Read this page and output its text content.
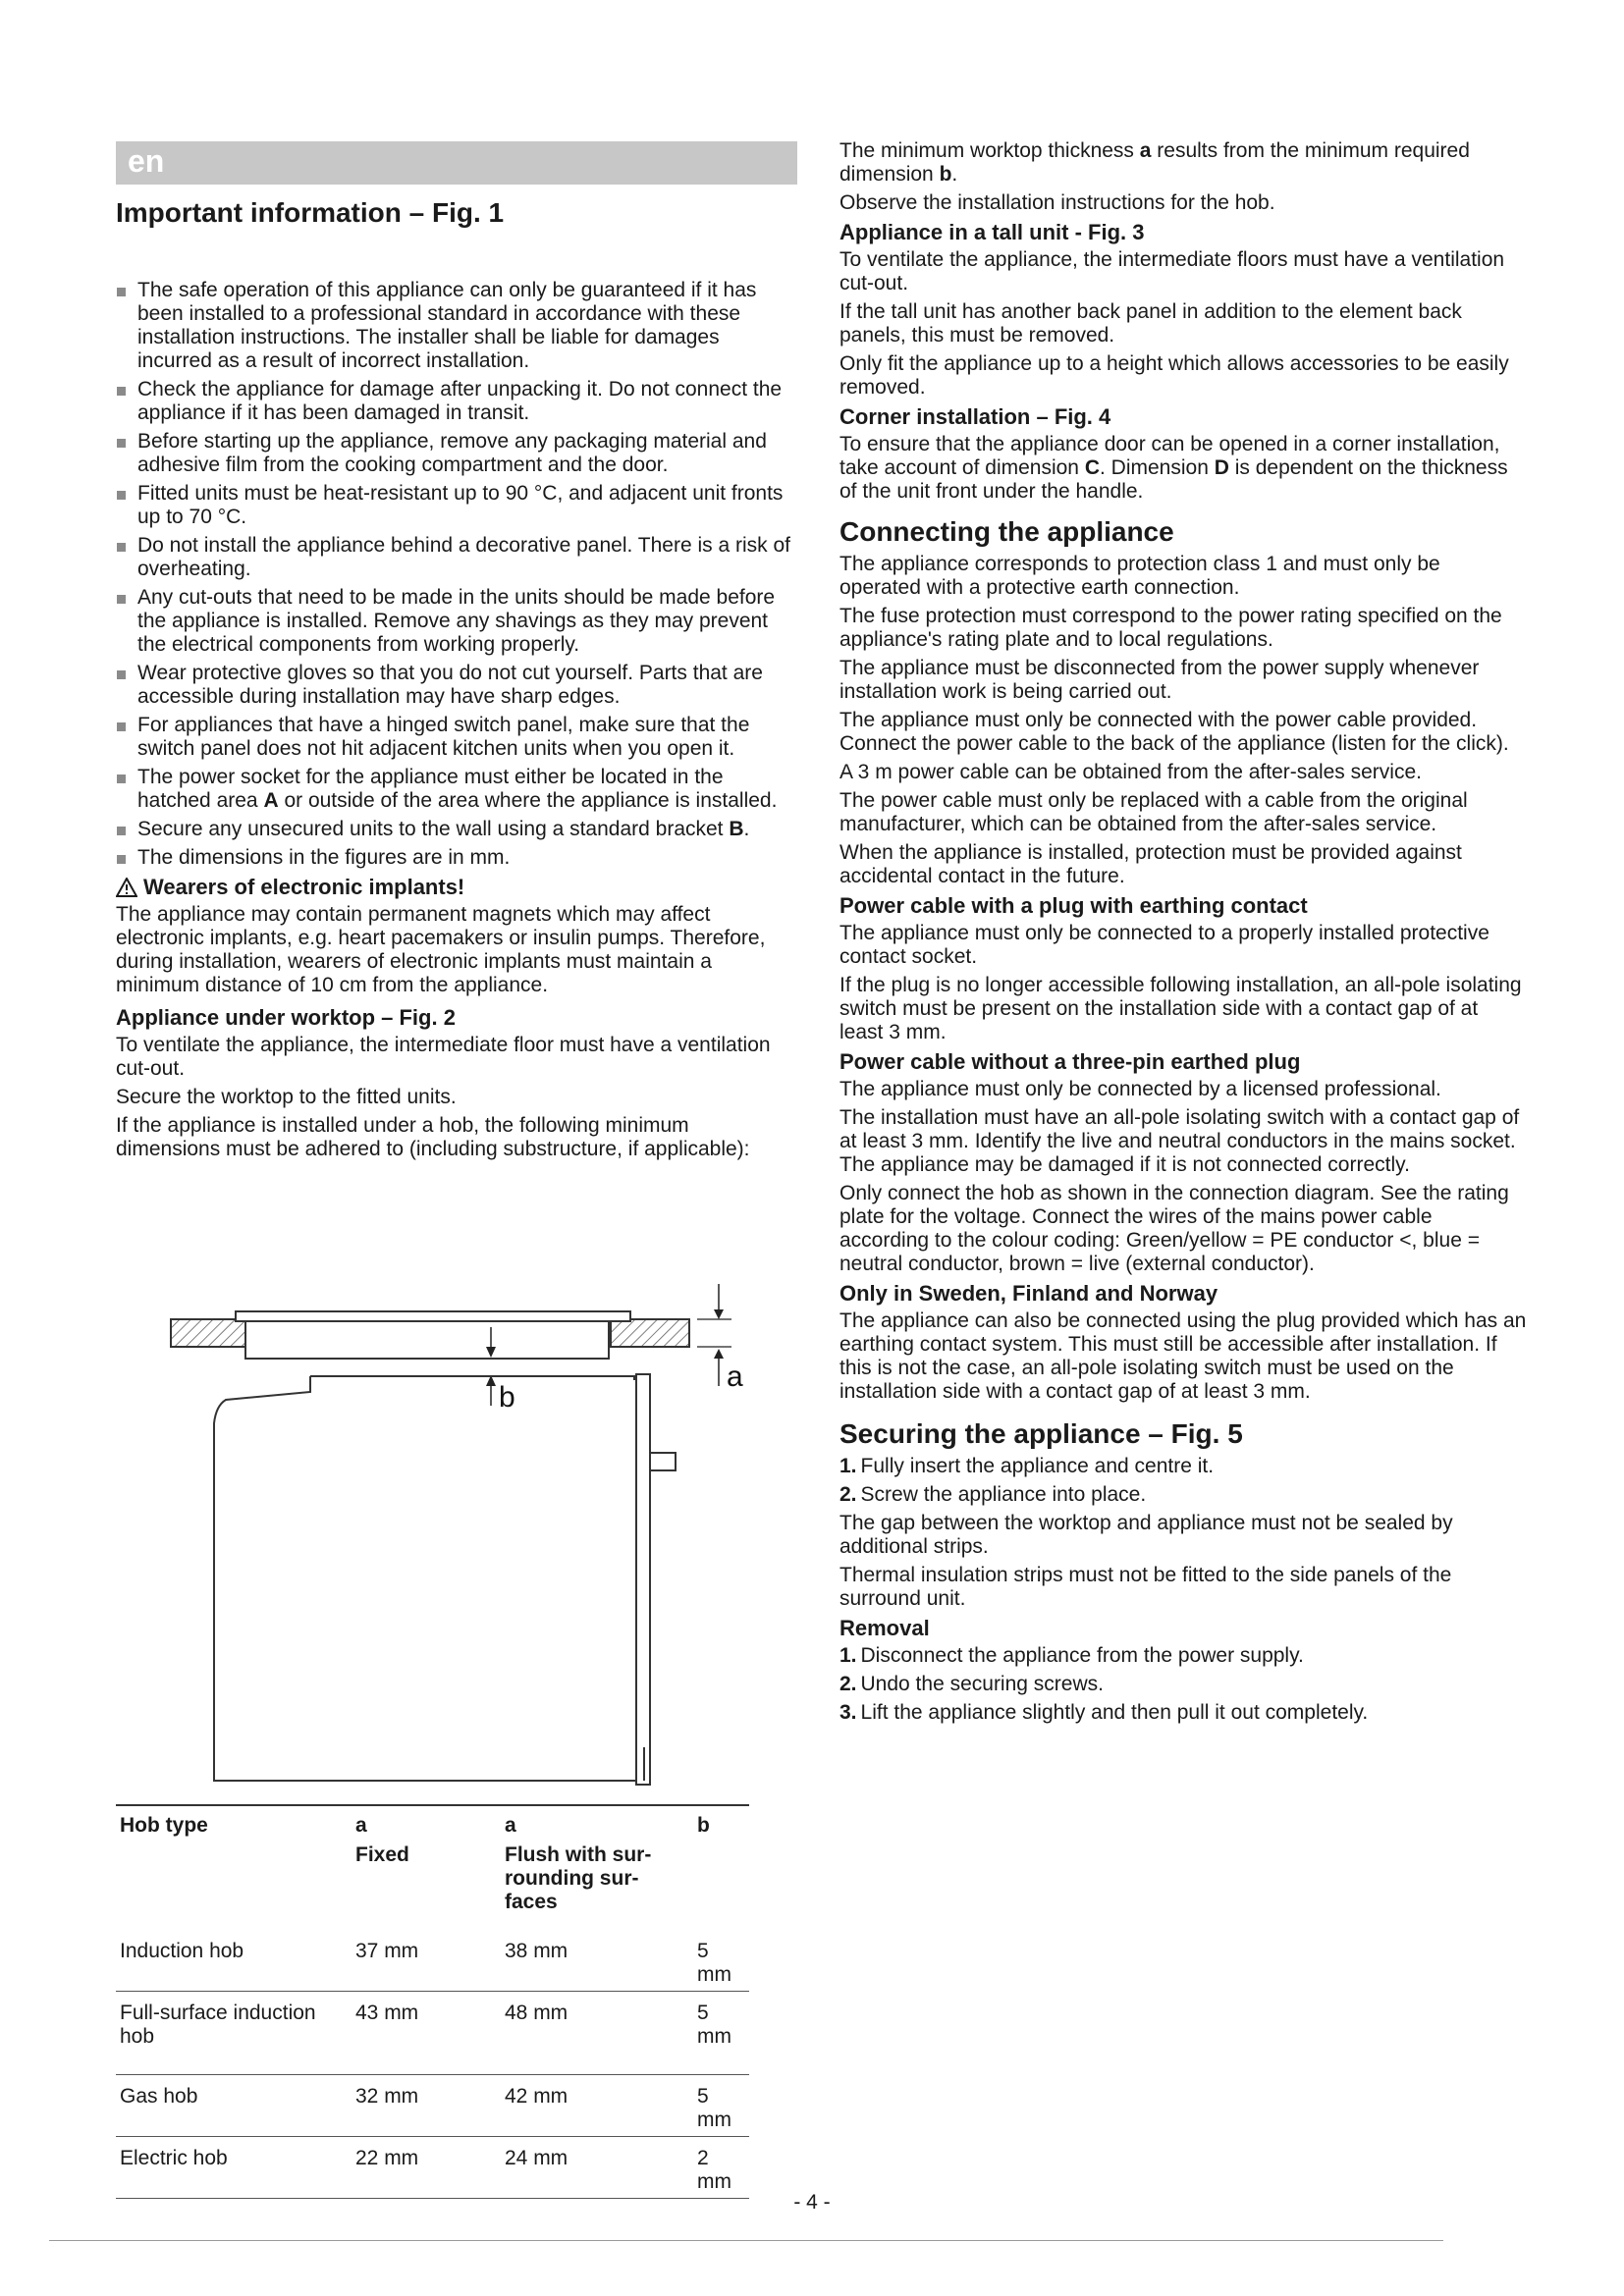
en
Important information – Fig. 1
The safe operation of this appliance can only be guaranteed if it has been installed to a professional standard in accordance with these installation instructions. The installer shall be liable for damages incurred as a result of incorrect installation.
Check the appliance for damage after unpacking it. Do not connect the appliance if it has been damaged in transit.
Before starting up the appliance, remove any packaging material and adhesive film from the cooking compartment and the door.
Fitted units must be heat-resistant up to 90 °C, and adjacent unit fronts up to 70 °C.
Do not install the appliance behind a decorative panel. There is a risk of overheating.
Any cut-outs that need to be made in the units should be made before the appliance is installed. Remove any shavings as they may prevent the electrical components from working properly.
Wear protective gloves so that you do not cut yourself. Parts that are accessible during installation may have sharp edges.
For appliances that have a hinged switch panel, make sure that the switch panel does not hit adjacent kitchen units when you open it.
The power socket for the appliance must either be located in the hatched area A or outside of the area where the appliance is installed.
Secure any unsecured units to the wall using a standard bracket B.
The dimensions in the figures are in mm.
Wearers of electronic implants!

The appliance may contain permanent magnets which may affect electronic implants, e.g. heart pacemakers or insulin pumps. Therefore, during installation, wearers of electronic implants must maintain a minimum distance of 10 cm from the appliance.

Appliance under worktop – Fig. 2

To ventilate the appliance, the intermediate floor must have a ventilation cut-out.

Secure the worktop to the fitted units.

If the appliance is installed under a hob, the following minimum dimensions must be adhered to (including substructure, if applicable):

a
b
Hob type	a	a	b
	Fixed	Flush with sur-rounding sur-faces	
Induction hob	37 mm	38 mm	5 mm
Full-surface induction hob	43 mm	48 mm	5 mm
Gas hob	32 mm	42 mm	5 mm
Electric hob	22 mm	24 mm	2 mm

The minimum worktop thickness a results from the minimum required dimension b.

Observe the installation instructions for the hob.

Appliance in a tall unit - Fig. 3

To ventilate the appliance, the intermediate floors must have a ventilation cut-out.

If the tall unit has another back panel in addition to the element back panels, this must be removed.

Only fit the appliance up to a height which allows accessories to be easily removed.

Corner installation – Fig. 4

To ensure that the appliance door can be opened in a corner installation, take account of dimension C. Dimension D is dependent on the thickness of the unit front under the handle.

Connecting the appliance

The appliance corresponds to protection class 1 and must only be operated with a protective earth connection.

The fuse protection must correspond to the power rating specified on the appliance's rating plate and to local regulations.

The appliance must be disconnected from the power supply whenever installation work is being carried out.

The appliance must only be connected with the power cable provided. Connect the power cable to the back of the appliance (listen for the click).

A 3 m power cable can be obtained from the after-sales service.

The power cable must only be replaced with a cable from the original manufacturer, which can be obtained from the after-sales service.

When the appliance is installed, protection must be provided against accidental contact in the future.

Power cable with a plug with earthing contact

The appliance must only be connected to a properly installed protective contact socket.

If the plug is no longer accessible following installation, an all-pole isolating switch must be present on the installation side with a contact gap of at least 3 mm.

Power cable without a three-pin earthed plug

The appliance must only be connected by a licensed professional.

The installation must have an all-pole isolating switch with a contact gap of at least 3 mm. Identify the live and neutral conductors in the mains socket. The appliance may be damaged if it is not connected correctly.

Only connect the hob as shown in the connection diagram. See the rating plate for the voltage. Connect the wires of the mains power cable according to the colour coding: Green/yellow = PE conductor <, blue = neutral conductor, brown = live (external conductor).

Only in Sweden, Finland and Norway

The appliance can also be connected using the plug provided which has an earthing contact system. This must still be accessible after installation. If this is not the case, an all-pole isolating switch must be used on the installation side with a contact gap of at least 3 mm.

Securing the appliance – Fig. 5
1. Fully insert the appliance and centre it.
2. Screw the appliance into place.

The gap between the worktop and appliance must not be sealed by additional strips.

Thermal insulation strips must not be fitted to the side panels of the surround unit.

Removal
1. Disconnect the appliance from the power supply.
2. Undo the securing screws.
3. Lift the appliance slightly and then pull it out completely.
- 4 -
